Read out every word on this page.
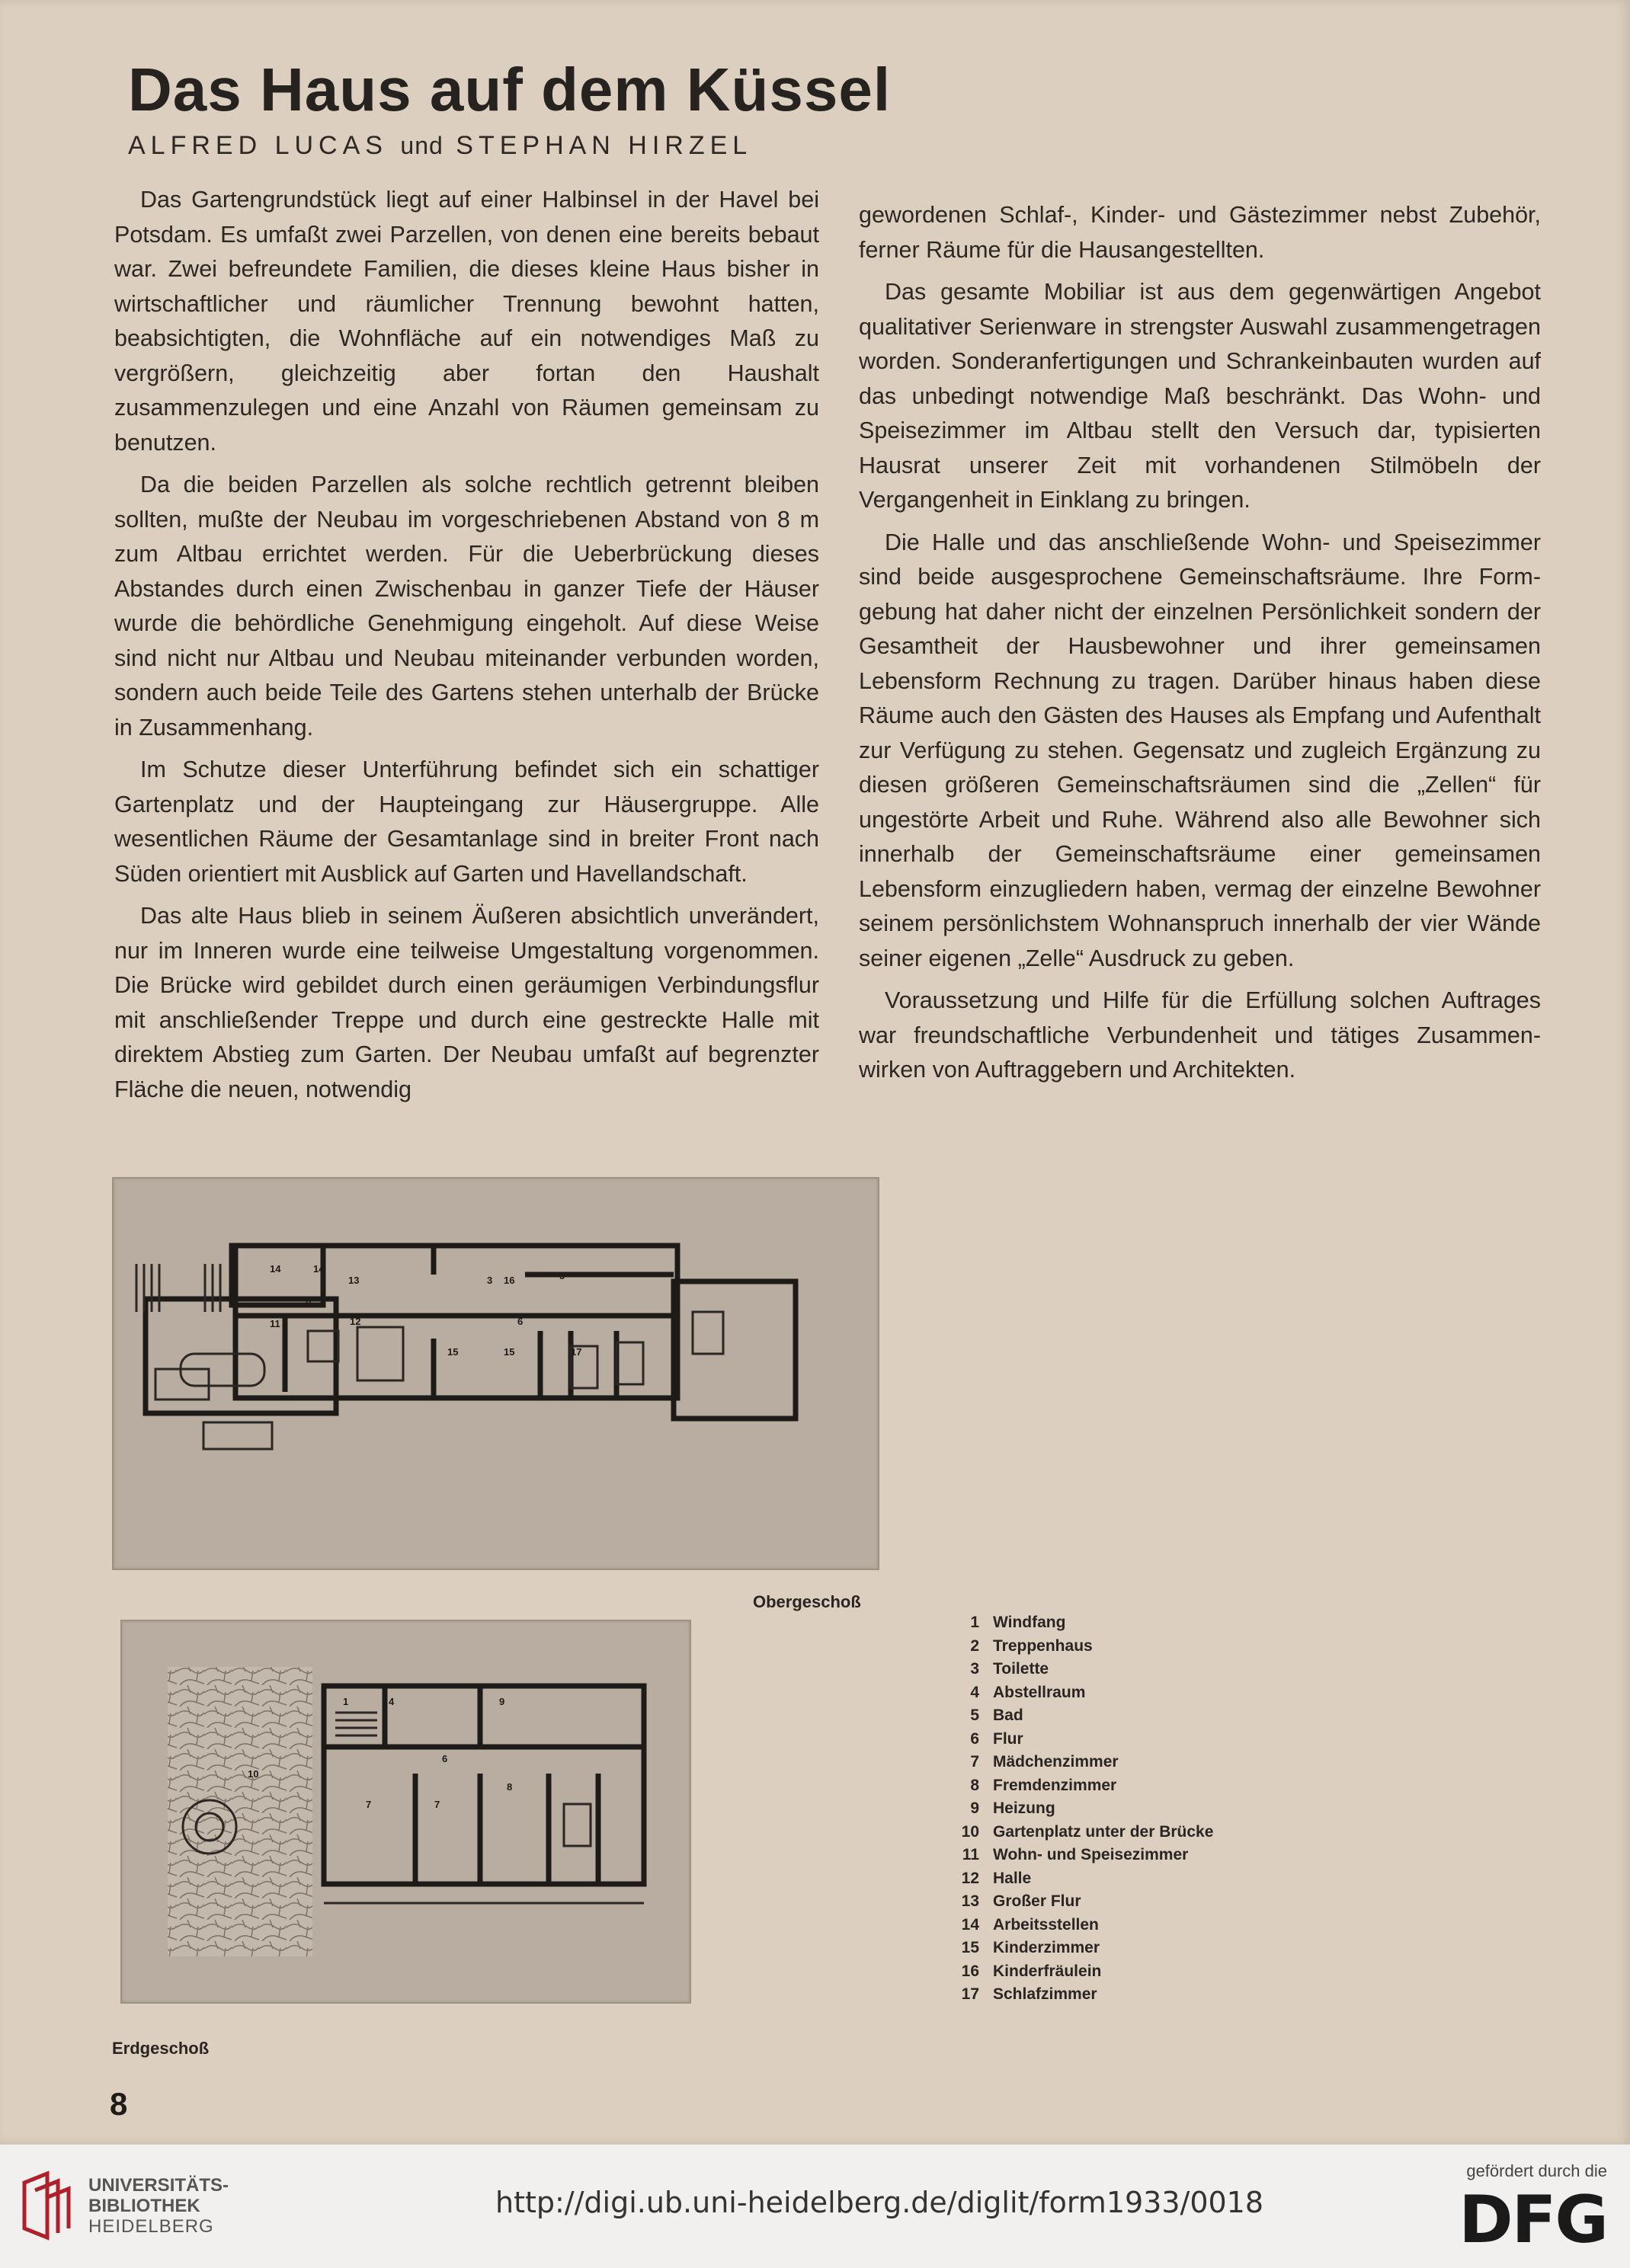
Das Haus auf dem Küssel
ALFRED LUCAS und STEPHAN HIRZEL

Das Gartengrundstück liegt auf einer Halbinsel in der Havel bei Potsdam. Es umfaßt zwei Parzellen, von denen eine bereits bebaut war. Zwei befreundete Familien, die dieses kleine Haus bisher in wirtschaftlicher und räumlicher Trennung bewohnt hatten, beabsichtigten, die Wohnfläche auf ein notwendiges Maß zu vergrößern, gleichzeitig aber fortan den Haushalt zusammenzulegen und eine Anzahl von Räumen gemeinsam zu benutzen.

Da die beiden Parzellen als solche rechtlich getrennt bleiben sollten, mußte der Neubau im vorgeschriebenen Abstand von 8 m zum Altbau errichtet werden. Für die Ueberbrückung dieses Abstandes durch einen Zwischenbau in ganzer Tiefe der Häuser wurde die behördliche Genehmigung eingeholt. Auf diese Weise sind nicht nur Altbau und Neubau miteinander verbunden worden, sondern auch beide Teile des Gartens stehen unterhalb der Brücke in Zusammenhang.

Im Schutze dieser Unterführung befindet sich ein schattiger Gartenplatz und der Haupteingang zur Häusergruppe. Alle wesentlichen Räume der Gesamtanlage sind in breiter Front nach Süden orientiert mit Ausblick auf Garten und Havellandschaft.

Das alte Haus blieb in seinem Äußeren absichtlich unverändert, nur im Inneren wurde eine teilweise Umgestaltung vorgenommen. Die Brücke wird gebildet durch einen geräumigen Verbindungsflur mit anschließender Treppe und durch eine gestreckte Halle mit direktem Abstieg zum Garten. Der Neubau umfaßt auf begrenzter Fläche die neuen, notwendig

gewordenen Schlaf-, Kinder- und Gästezimmer nebst Zubehör, ferner Räume für die Hausangestellten.

Das gesamte Mobiliar ist aus dem gegenwärtigen Angebot qualitativer Serienware in strengster Auswahl zusammengetragen worden. Sonderanfertigungen und Schrankeinbauten wurden auf das unbedingt notwendige Maß beschränkt. Das Wohn- und Speisezimmer im Altbau stellt den Versuch dar, typisierten Hausrat unserer Zeit mit vorhandenen Stilmöbeln der Vergangenheit in Einklang zu bringen.

Die Halle und das anschließende Wohn- und Speisezimmer sind beide ausgesprochene Gemeinschaftsräume. Ihre Formgebung hat daher nicht der einzelnen Persönlichkeit sondern der Gesamtheit der Hausbewohner und ihrer gemeinsamen Lebensform Rechnung zu tragen. Darüber hinaus haben diese Räume auch den Gästen des Hauses als Empfang und Aufenthalt zur Verfügung zu stehen. Gegensatz und zugleich Ergänzung zu diesen größeren Gemeinschaftsräumen sind die „Zellen“ für ungestörte Arbeit und Ruhe. Während also alle Bewohner sich innerhalb der Gemeinschaftsräume einer gemeinsamen Lebensform einzugliedern haben, vermag der einzelne Bewohner seinem persönlichstem Wohnanspruch innerhalb der vier Wände seiner eigenen „Zelle“ Ausdruck zu geben.

Voraussetzung und Hilfe für die Erfüllung solchen Auftrages war freundschaftliche Verbundenheit und tätiges Zusammenwirken von Auftraggebern und Architekten.

14	14
13	3 16	5
6
11	12	6
15	15	17
Obergeschoß
1	4	9
10
6
8
7	7
Erdgeschoß
1 Windfang
2 Treppenhaus
3 Toilette
4 Abstellraum
5 Bad
6 Flur
7 Mädchenzimmer
8 Fremdenzimmer
9 Heizung
10 Gartenplatz unter der Brücke
11 Wohn- und Speisezimmer
12 Halle
13 Großer Flur
14 Arbeitsstellen
15 Kinderzimmer
16 Kinderfräulein
17 Schlafzimmer
8
UNIVERSITÄTS-
BIBLIOTHEK
HEIDELBERG
http://digi.ub.uni-heidelberg.de/diglit/form1933/0018
gefördert durch die
DFG
